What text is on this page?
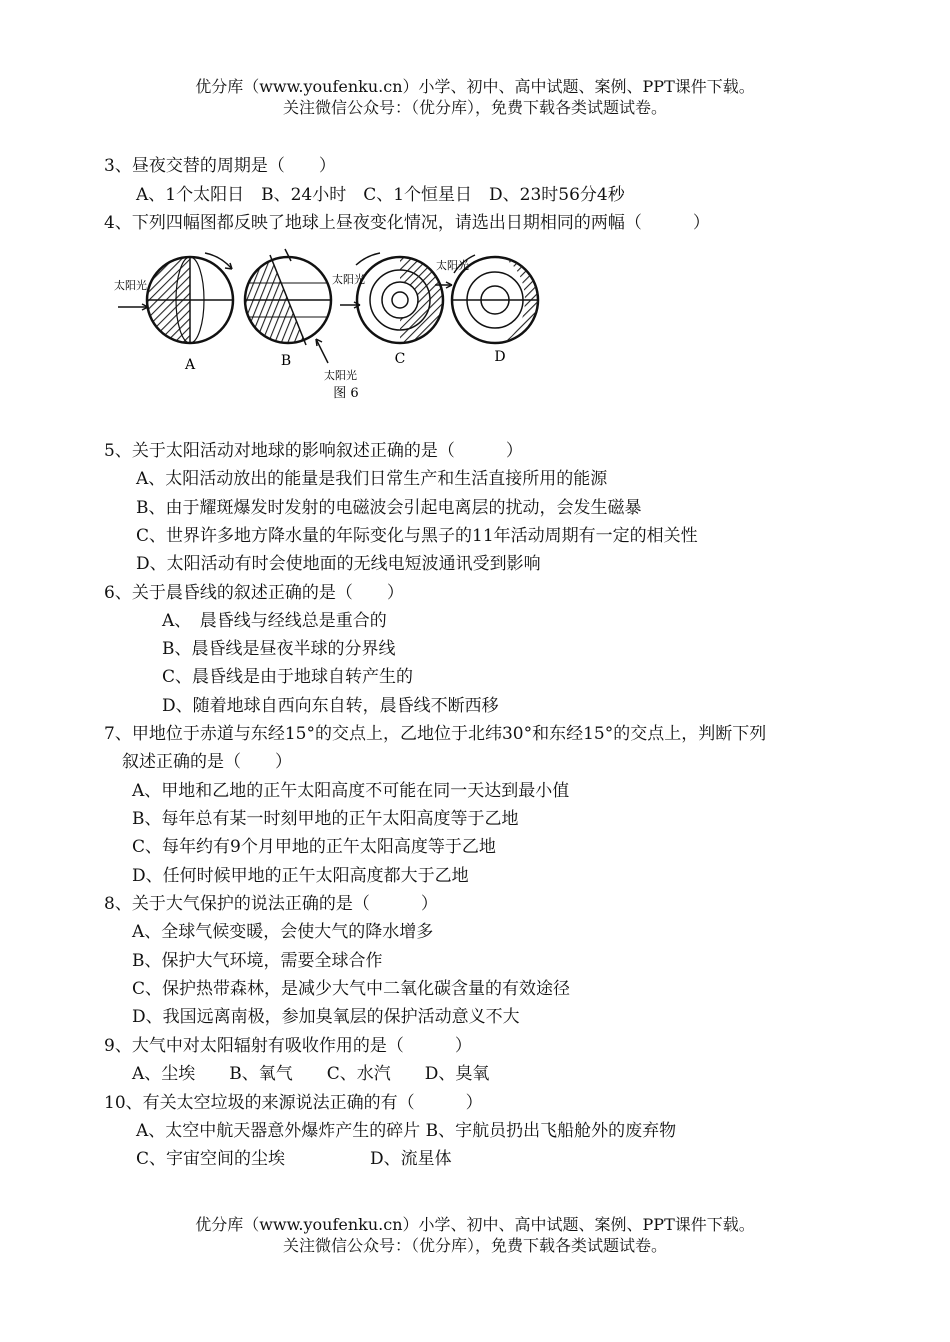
优分库（www.youfenku.cn）小学、初中、高中试题、案例、PPT课件下载。
关注微信公众号：（优分库），免费下载各类试题试卷。
3、昼夜交替的周期是（　　）
A、1个太阳日　B、24小时　C、1个恒星日　D、23时56分4秒
4、下列四幅图都反映了地球上昼夜变化情况，请选出日期相同的两幅（　　　）
太阳光
太阳光
太阳光
太阳光
A	B	C	D
图 6
5、关于太阳活动对地球的影响叙述正确的是（　　　）
A、太阳活动放出的能量是我们日常生产和生活直接所用的能源
B、由于耀斑爆发时发射的电磁波会引起电离层的扰动，会发生磁暴
C、世界许多地方降水量的年际变化与黑子的11年活动周期有一定的相关性
D、太阳活动有时会使地面的无线电短波通讯受到影响
6、关于晨昏线的叙述正确的是（　　）
A、　晨昏线与经线总是重合的
B、晨昏线是昼夜半球的分界线
C、晨昏线是由于地球自转产生的
D、随着地球自西向东自转，晨昏线不断西移
7、甲地位于赤道与东经15°的交点上，乙地位于北纬30°和东经15°的交点上，判断下列
叙述正确的是（　　）
A、甲地和乙地的正午太阳高度不可能在同一天达到最小值
B、每年总有某一时刻甲地的正午太阳高度等于乙地
C、每年约有9个月甲地的正午太阳高度等于乙地
D、任何时候甲地的正午太阳高度都大于乙地
8、关于大气保护的说法正确的是（　　　）
A、全球气候变暖，会使大气的降水增多
B、保护大气环境，需要全球合作
C、保护热带森林，是减少大气中二氧化碳含量的有效途径
D、我国远离南极，参加臭氧层的保护活动意义不大
9、大气中对太阳辐射有吸收作用的是（　　　）
A、尘埃　　B、氧气　　C、水汽　　D、臭氧
10、有关太空垃圾的来源说法正确的有（　　　）
A、太空中航天器意外爆炸产生的碎片 B、宇航员扔出飞船舱外的废弃物
C、宇宙空间的尘埃　　　　　D、流星体
优分库（www.youfenku.cn）小学、初中、高中试题、案例、PPT课件下载。
关注微信公众号：（优分库），免费下载各类试题试卷。
